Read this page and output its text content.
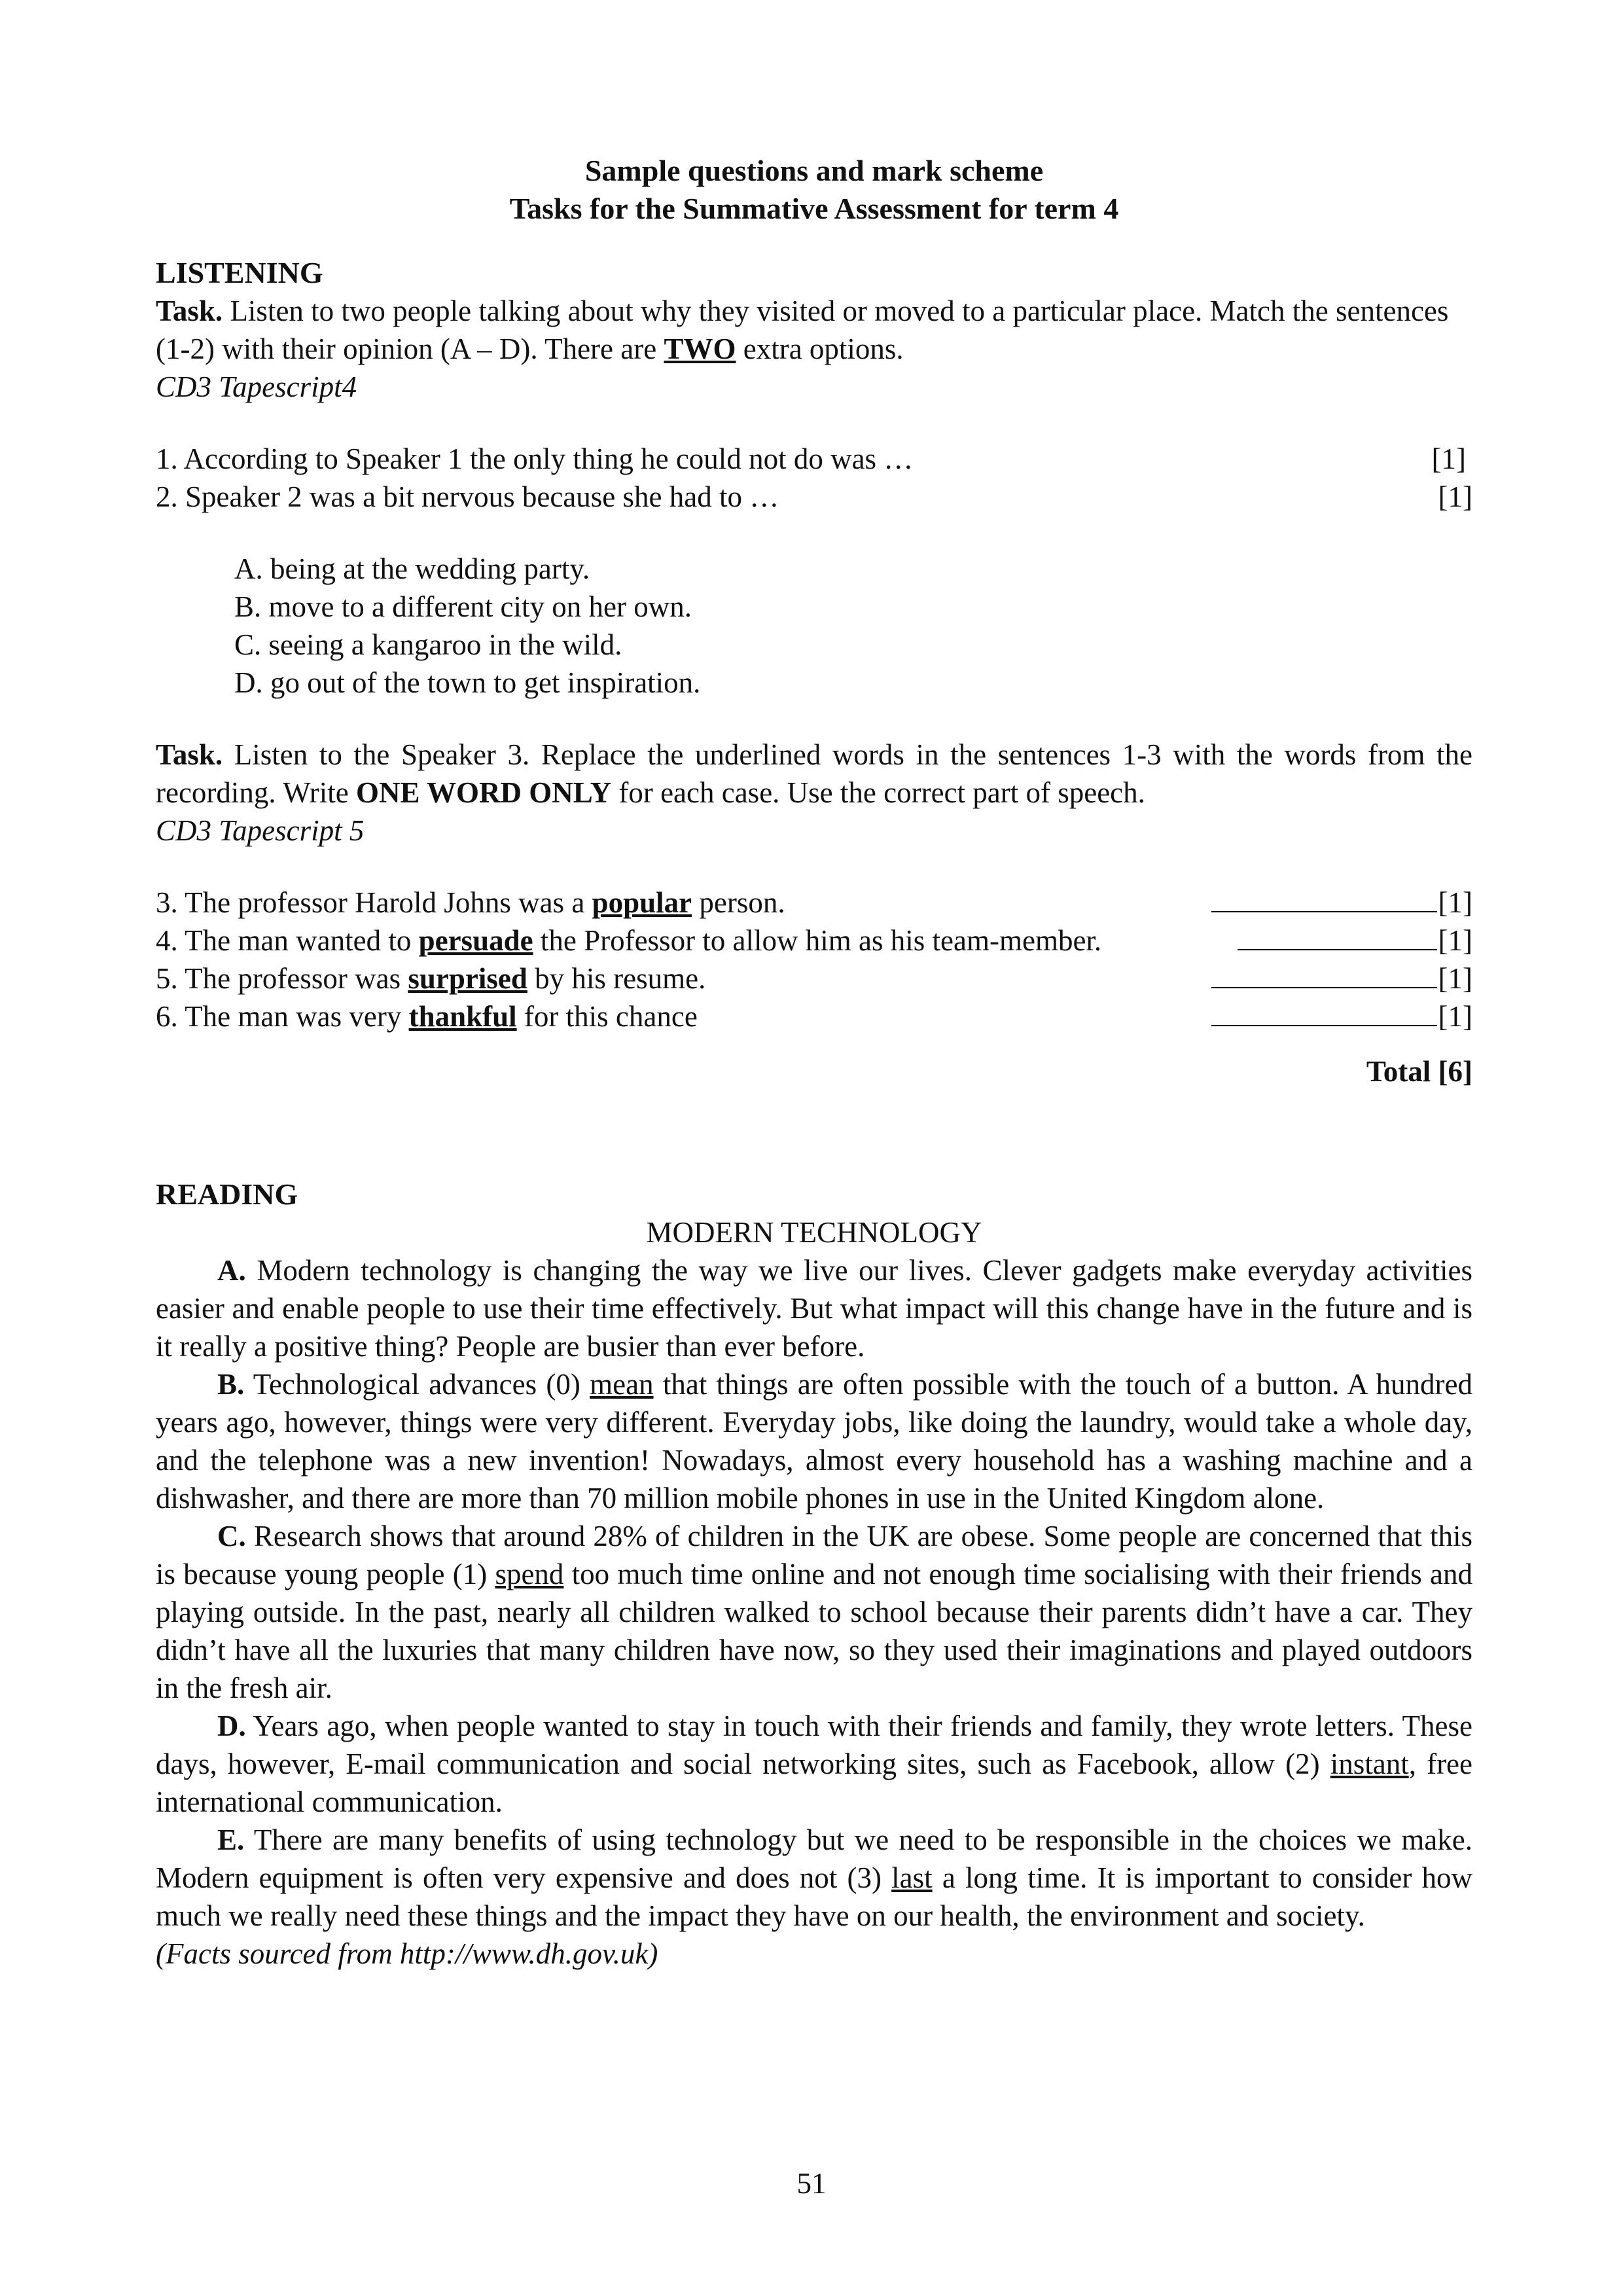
Sample questions and mark scheme

Tasks for the Summative Assessment for term 4

LISTENING

Task. Listen to two people talking about why they visited or moved to a particular place. Match the sentences (1-2) with their opinion (A – D). There are TWO extra options.

CD3 Tapescript4

1. According to Speaker 1 the only thing he could not do was …	[1]
2. Speaker 2 was a bit nervous because she had to …	[1]

A. being at the wedding party.

B. move to a different city on her own.

C. seeing a kangaroo in the wild.

D. go out of the town to get inspiration.

Task. Listen to the Speaker 3. Replace the underlined words in the sentences 1-3 with the words from the recording. Write ONE WORD ONLY for each case. Use the correct part of speech.

CD3 Tapescript 5

3. The professor Harold Johns was a popular person.	[1]
4. The man wanted to persuade the Professor to allow him as his team-member.	[1]
5. The professor was surprised by his resume.	[1]
6. The man was very thankful for this chance	[1]

Total [6]

READING

MODERN TECHNOLOGY

A. Modern technology is changing the way we live our lives. Clever gadgets make everyday activities easier and enable people to use their time effectively. But what impact will this change have in the future and is it really a positive thing? People are busier than ever before.

B. Technological advances (0) mean that things are often possible with the touch of a button. A hundred years ago, however, things were very different. Everyday jobs, like doing the laundry, would take a whole day, and the telephone was a new invention! Nowadays, almost every household has a washing machine and a dishwasher, and there are more than 70 million mobile phones in use in the United Kingdom alone.

C. Research shows that around 28% of children in the UK are obese. Some people are concerned that this is because young people (1) spend too much time online and not enough time socialising with their friends and playing outside. In the past, nearly all children walked to school because their parents didn’t have a car. They didn’t have all the luxuries that many children have now, so they used their imaginations and played outdoors in the fresh air.

D. Years ago, when people wanted to stay in touch with their friends and family, they wrote letters. These days, however, E-mail communication and social networking sites, such as Facebook, allow (2) instant, free international communication.

E. There are many benefits of using technology but we need to be responsible in the choices we make. Modern equipment is often very expensive and does not (3) last a long time. It is important to consider how much we really need these things and the impact they have on our health, the environment and society.

(Facts sourced from http://www.dh.gov.uk)

51
